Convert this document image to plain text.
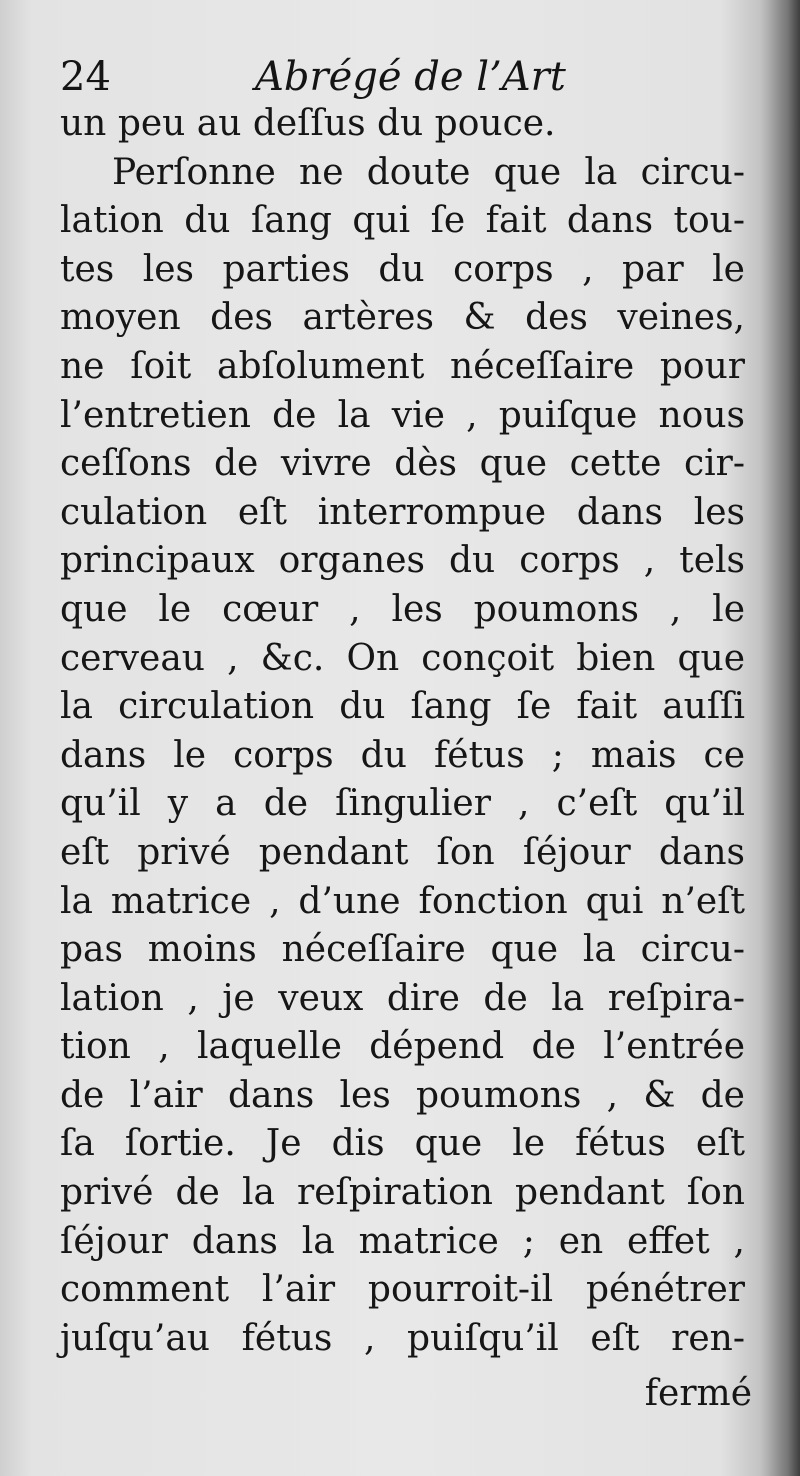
24	Abrégé de l’Art
un peu au deſſus du pouce.
Perſonne ne doute que la circu-
lation du ſang qui ſe fait dans tou-
tes les parties du corps , par le
moyen des artères & des veines,
ne ſoit abſolument néceſſaire pour
l’entretien de la vie , puiſque nous
ceſſons de vivre dès que cette cir-
culation eſt interrompue dans les
principaux organes du corps , tels
que le cœur , les poumons , le
cerveau , &c. On conçoit bien que
la circulation du ſang ſe fait auſſi
dans le corps du fétus ; mais ce
qu’il y a de ſingulier , c’eſt qu’il
eſt privé pendant ſon ſéjour dans
la matrice , d’une fonction qui n’eſt
pas moins néceſſaire que la circu-
lation , je veux dire de la reſpira-
tion , laquelle dépend de l’entrée
de l’air dans les poumons , & de
ſa ſortie. Je dis que le fétus eſt
privé de la reſpiration pendant ſon
ſéjour dans la matrice ; en effet ,
comment l’air pourroit-il pénétrer
juſqu’au fétus , puiſqu’il eſt ren-
fermé
